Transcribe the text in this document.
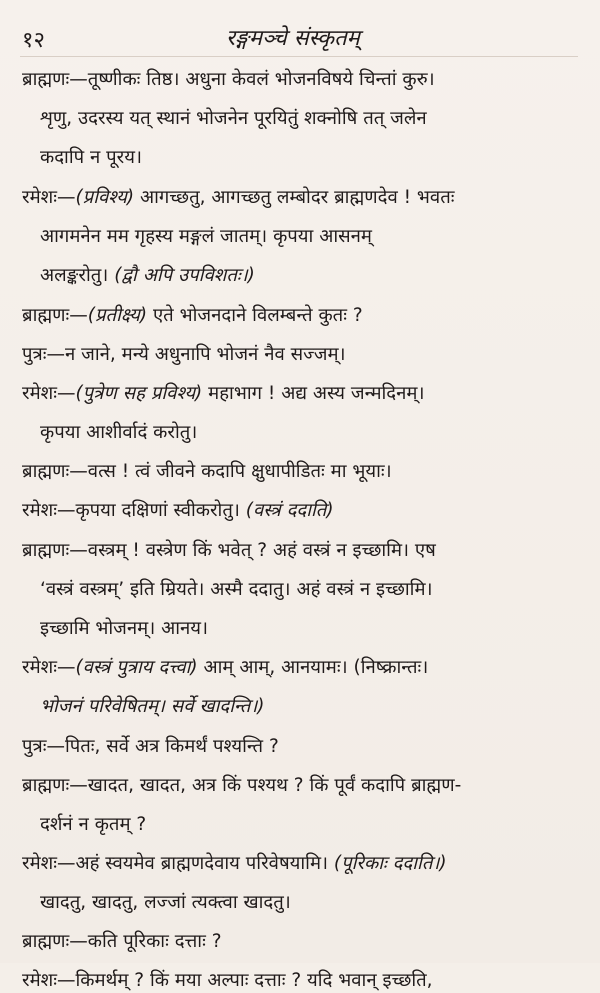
१२	रङ्गमञ्चे संस्कृतम्
ब्राह्मणः—तूष्णीकः तिष्ठ। अधुना केवलं भोजनविषये चिन्तां कुरु।
शृणु, उदरस्य यत् स्थानं भोजनेन पूरयितुं शक्नोषि तत् जलेन
कदापि न पूरय।
रमेशः—(प्रविश्य) आगच्छतु, आगच्छतु लम्बोदर ब्राह्मणदेव ! भवतः
आगमनेन मम गृहस्य मङ्गलं जातम्। कृपया आसनम्
अलङ्करोतु। (द्वौ अपि उपविशतः।)
ब्राह्मणः—(प्रतीक्ष्य) एते भोजनदाने विलम्बन्ते कुतः ?
पुत्रः—न जाने, मन्ये अधुनापि भोजनं नैव सज्जम्।
रमेशः—(पुत्रेण सह प्रविश्य) महाभाग ! अद्य अस्य जन्मदिनम्।
कृपया आशीर्वादं करोतु।
ब्राह्मणः—वत्स ! त्वं जीवने कदापि क्षुधापीडितः मा भूयाः।
रमेशः—कृपया दक्षिणां स्वीकरोतु। (वस्त्रं ददाति)
ब्राह्मणः—वस्त्रम् ! वस्त्रेण किं भवेत् ? अहं वस्त्रं न इच्छामि। एष
‘वस्त्रं वस्त्रम्’ इति म्रियते। अस्मै ददातु। अहं वस्त्रं न इच्छामि।
इच्छामि भोजनम्। आनय।
रमेशः—(वस्त्रं पुत्राय दत्त्वा) आम् आम्, आनयामः। (निष्क्रान्तः।
भोजनं परिवेषितम्। सर्वे खादन्ति।)
पुत्रः—पितः, सर्वे अत्र किमर्थं पश्यन्ति ?
ब्राह्मणः—खादत, खादत, अत्र किं पश्यथ ? किं पूर्वं कदापि ब्राह्मण-
दर्शनं न कृतम् ?
रमेशः—अहं स्वयमेव ब्राह्मणदेवाय परिवेषयामि। (पूरिकाः ददाति।)
खादतु, खादतु, लज्जां त्यक्त्वा खादतु।
ब्राह्मणः—कति पूरिकाः दत्ताः ?
रमेशः—किमर्थम् ? किं मया अल्पाः दत्ताः ? यदि भवान् इच्छति,
